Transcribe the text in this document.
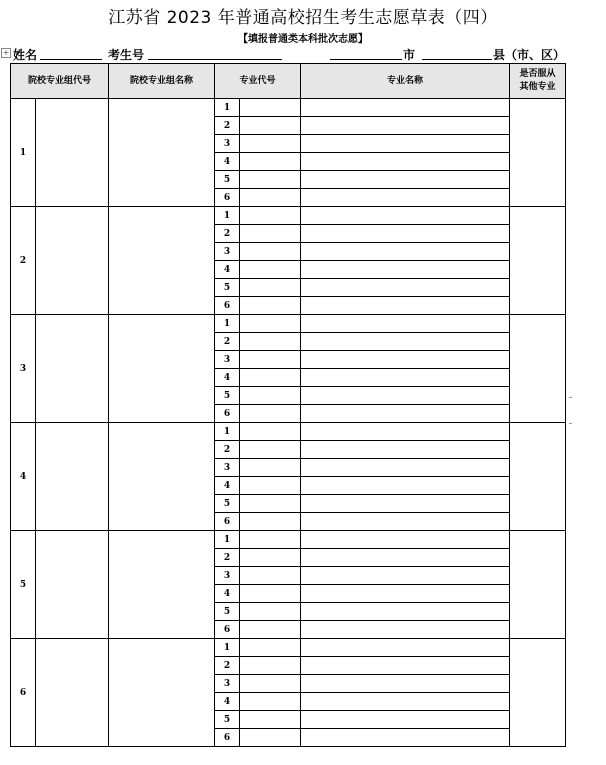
江苏省 2023 年普通高校招生考生志愿草表（四）
【填报普通类本科批次志愿】
+ 姓名	考生号	市	县（市、区）
院校专业组代号		院校专业组名称	专业代号		专业名称	是否服从其他专业
1			1			
			2			
			3			
			4			
			5			
			6			
2			1			
			2			
			3			
			4			
			5			
			6			
3			1			
			2			
			3			
			4			
			5			
			6			
4			1			
			2			
			3			
			4			
			5			
			6			
5			1			
			2			
			3			
			4			
			5			
			6			
6			1			
			2			
			3			
			4			
			5			
			6			
